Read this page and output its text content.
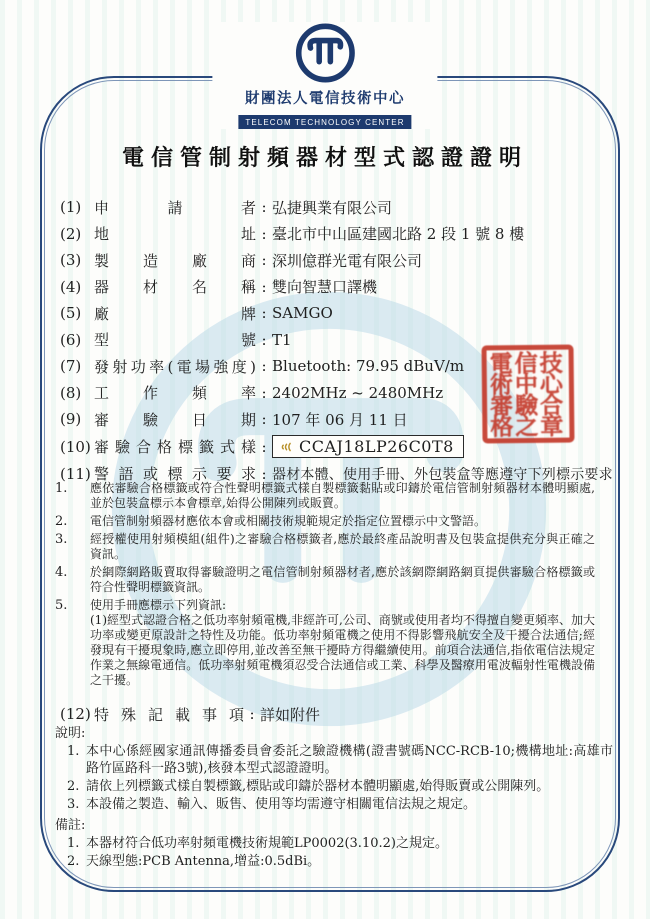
財團法人電信技術中心
TELECOM TECHNOLOGY CENTER
電信管制射頻器材型式認證證明
電信技術中心審驗合格之章
(1) 申請者 : 弘捷興業有限公司
(2) 地址 : 臺北市中山區建國北路 2 段 1 號 8 樓
(3) 製造廠商 : 深圳億群光電有限公司
(4) 器材名稱 : 雙向智慧口譯機
(5) 廠牌 : SAMGO
(6) 型號 : T1
(7) 發射功率(電場強度) : Bluetooth: 79.95 dBuV/m
(8) 工作頻率 : 2402MHz ~ 2480MHz
(9) 審驗日期 : 107 年 06 月 11 日
(10) 審驗合格標籤式樣 :	CCAJ18LP26C0T8
(11) 警語或標示要求 : 器材本體、使用手冊、外包裝盒等應遵守下列標示要求
1.	應依審驗合格標籤或符合性聲明標籤式樣自製標籤黏貼或印鑄於電信管制射頻器材本體明顯處,並於包裝盒標示本會標章,始得公開陳列或販賣。
2.	電信管制射頻器材應依本會或相關技術規範規定於指定位置標示中文警語。
3.	經授權使用射頻模組(組件)之審驗合格標籤者,應於最終產品說明書及包裝盒提供充分與正確之資訊。
4.	於網際網路販賣取得審驗證明之電信管制射頻器材者,應於該網際網路網頁提供審驗合格標籤或符合性聲明標籤資訊。
5.	使用手冊應標示下列資訊:
(1)經型式認證合格之低功率射頻電機,非經許可,公司、商號或使用者均不得擅自變更頻率、加大功率或變更原設計之特性及功能。低功率射頻電機之使用不得影響飛航安全及干擾合法通信;經發現有干擾現象時,應立即停用,並改善至無干擾時方得繼續使用。前項合法通信,指依電信法規定作業之無線電通信。低功率射頻電機須忍受合法通信或工業、科學及醫療用電波輻射性電機設備之干擾。
(12) 特殊記載事項 : 詳如附件
說明:
1. 本中心係經國家通訊傳播委員會委託之驗證機構(證書號碼NCC-RCB-10;機構地址:高雄市路竹區路科一路3號),核發本型式認證證明。
2. 請依上列標籤式樣自製標籤,標貼或印鑄於器材本體明顯處,始得販賣或公開陳列。
3. 本設備之製造、輸入、販售、使用等均需遵守相關電信法規之規定。
備註:
1. 本器材符合低功率射頻電機技術規範LP0002(3.10.2)之規定。
2. 天線型態:PCB Antenna,增益:0.5dBi。
